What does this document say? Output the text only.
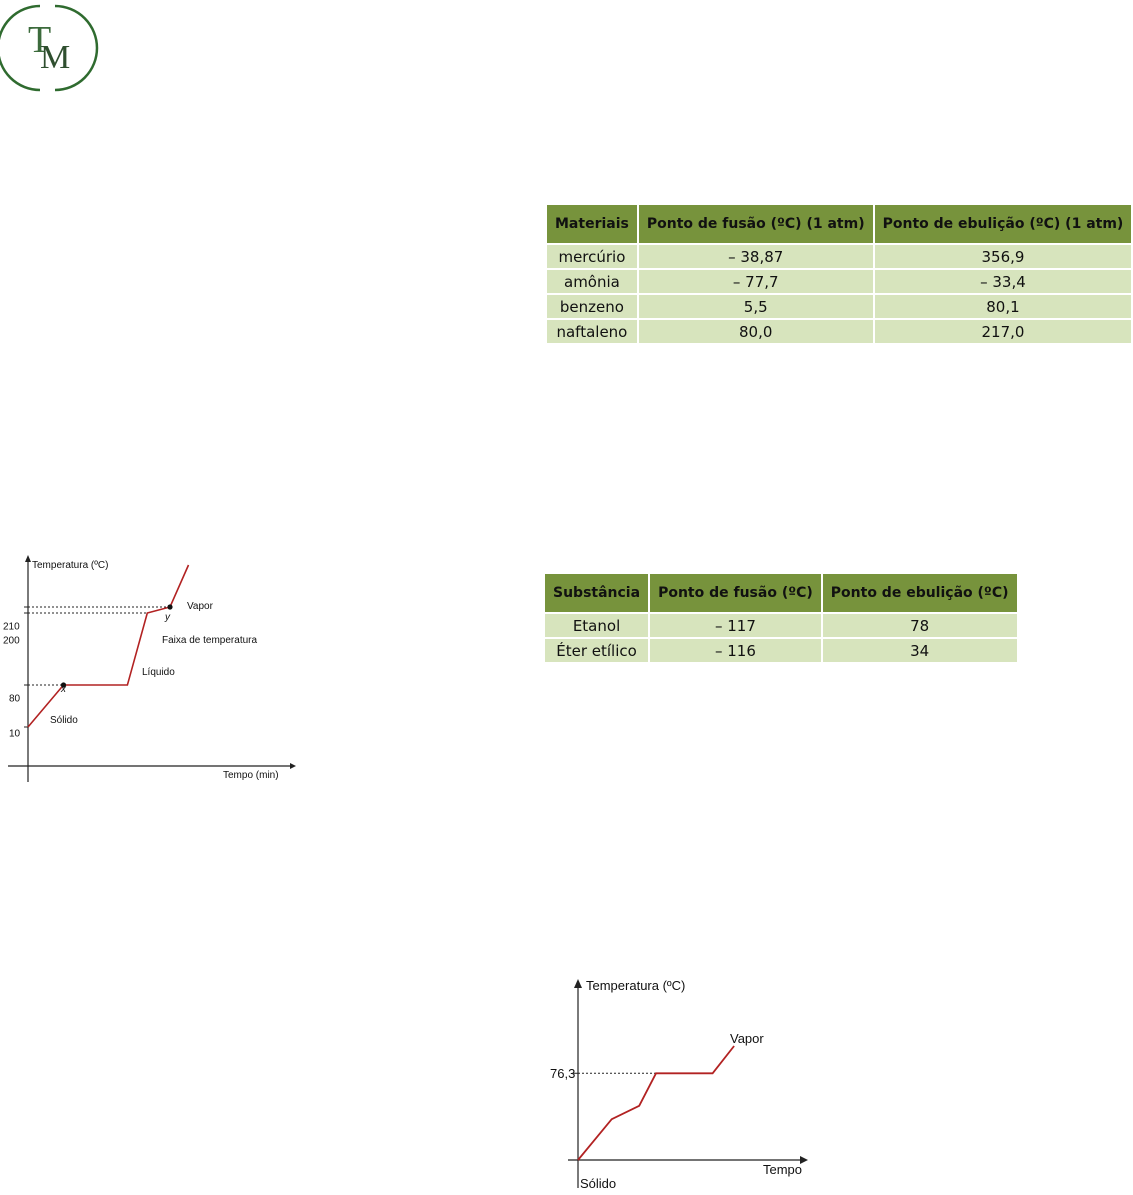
T
M
Materiais	Ponto de fusão (ºC) (1 atm)	Ponto de ebulição (ºC) (1 atm)
mercúrio	– 38,87	356,9
amônia	– 77,7	– 33,4
benzeno	5,5	80,1
naftaleno	80,0	217,0
Substância	Ponto de fusão (ºC)	Ponto de ebulição (ºC)
Etanol	– 117	78
Éter etílico	– 116	34
Temperatura (ºC)
Tempo (min)
10
80
200
210
x
y
Vapor
Faixa de temperatura
Líquido
Sólido
Temperatura (ºC)
Tempo
76,3
Vapor
Sólido
